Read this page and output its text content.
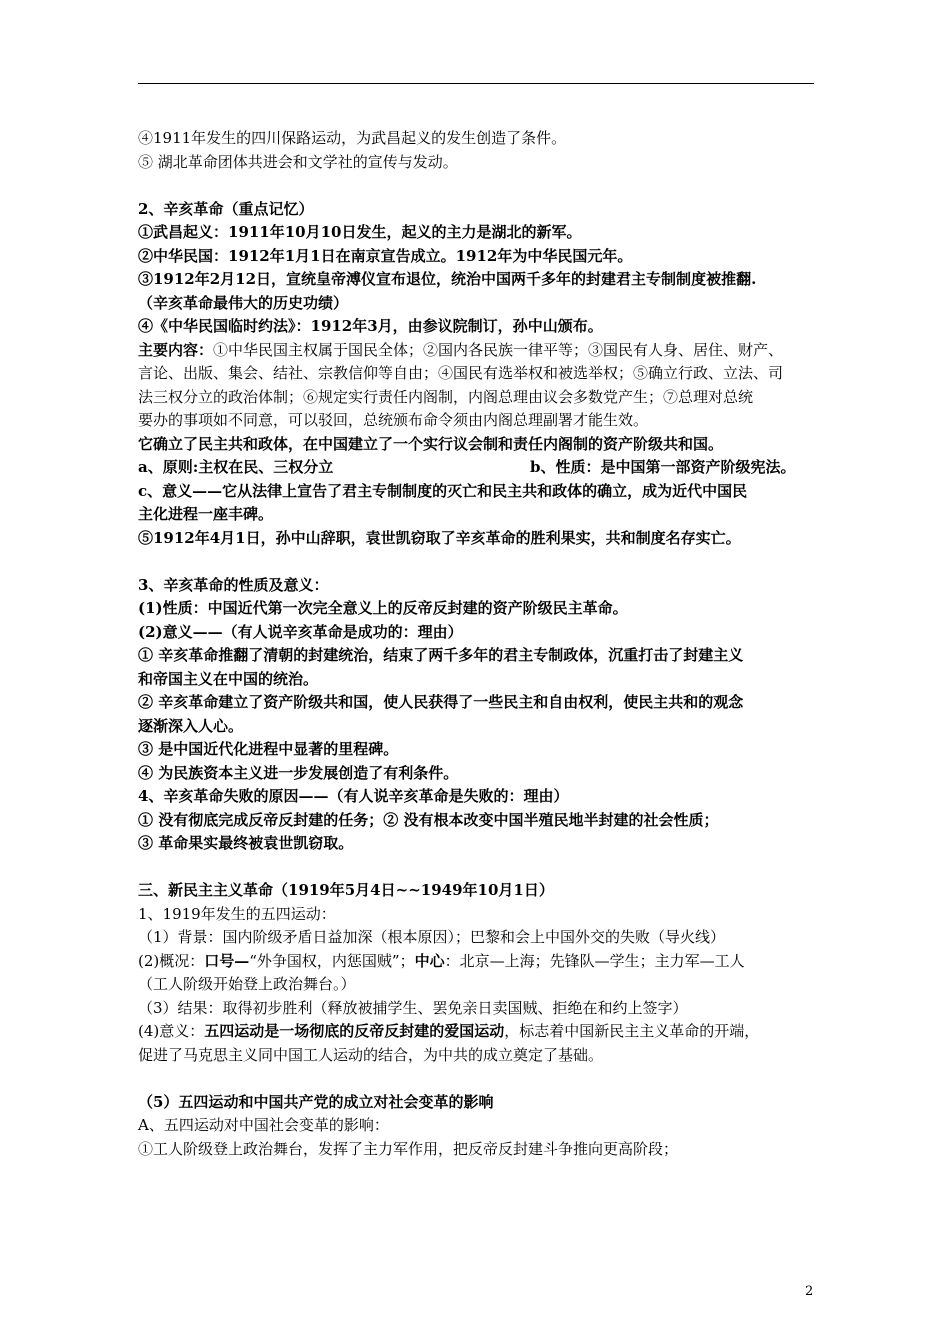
④1911年发生的四川保路运动，为武昌起义的发生创造了条件。
⑤ 湖北革命团体共进会和文学社的宣传与发动。
2、辛亥革命（重点记忆）
①武昌起义：1911年10月10日发生，起义的主力是湖北的新军。
②中华民国：1912年1月1日在南京宣告成立。1912年为中华民国元年。
③1912年2月12日，宣统皇帝溥仪宣布退位，统治中国两千多年的封建君主专制制度被推翻.
（辛亥革命最伟大的历史功绩）
④《中华民国临时约法》：1912年3月，由参议院制订，孙中山颁布。
主要内容：①中华民国主权属于国民全体；②国内各民族一律平等；③国民有人身、居住、财产、
言论、出版、集会、结社、宗教信仰等自由；④国民有选举权和被选举权；⑤确立行政、立法、司
法三权分立的政治体制；⑥规定实行责任内阁制，内阁总理由议会多数党产生；⑦总理对总统
要办的事项如不同意，可以驳回，总统颁布命令须由内阁总理副署才能生效。
它确立了民主共和政体，在中国建立了一个实行议会制和责任内阁制的资产阶级共和国。
a、原则:主权在民、三权分立	b、性质：是中国第一部资产阶级宪法。
c、意义——它从法律上宣告了君主专制制度的灭亡和民主共和政体的确立，成为近代中国民
主化进程一座丰碑。
⑤1912年4月1日，孙中山辞职，袁世凯窃取了辛亥革命的胜利果实，共和制度名存实亡。
3、辛亥革命的性质及意义：
(1)性质：中国近代第一次完全意义上的反帝反封建的资产阶级民主革命。
(2)意义——（有人说辛亥革命是成功的：理由）
① 辛亥革命推翻了清朝的封建统治，结束了两千多年的君主专制政体，沉重打击了封建主义
和帝国主义在中国的统治。
② 辛亥革命建立了资产阶级共和国，使人民获得了一些民主和自由权利，使民主共和的观念
逐渐深入人心。
③ 是中国近代化进程中显著的里程碑。
④ 为民族资本主义进一步发展创造了有利条件。
4、辛亥革命失败的原因——（有人说辛亥革命是失败的：理由）
① 没有彻底完成反帝反封建的任务；② 没有根本改变中国半殖民地半封建的社会性质；
③ 革命果实最终被袁世凯窃取。
三、新民主主义革命（1919年5月4日~~1949年10月1日）
1、1919年发生的五四运动：
（1）背景：国内阶级矛盾日益加深（根本原因）；巴黎和会上中国外交的失败（导火线）
(2)概况：口号—“外争国权，内惩国贼”；中心：北京—上海；先锋队—学生；主力军—工人
（工人阶级开始登上政治舞台。）
（3）结果：取得初步胜利（释放被捕学生、罢免亲日卖国贼、拒绝在和约上签字）
(4)意义：五四运动是一场彻底的反帝反封建的爱国运动，标志着中国新民主主义革命的开端，
促进了马克思主义同中国工人运动的结合，为中共的成立奠定了基础。
（5）五四运动和中国共产党的成立对社会变革的影响
A、五四运动对中国社会变革的影响：
①工人阶级登上政治舞台，发挥了主力军作用，把反帝反封建斗争推向更高阶段；
2
